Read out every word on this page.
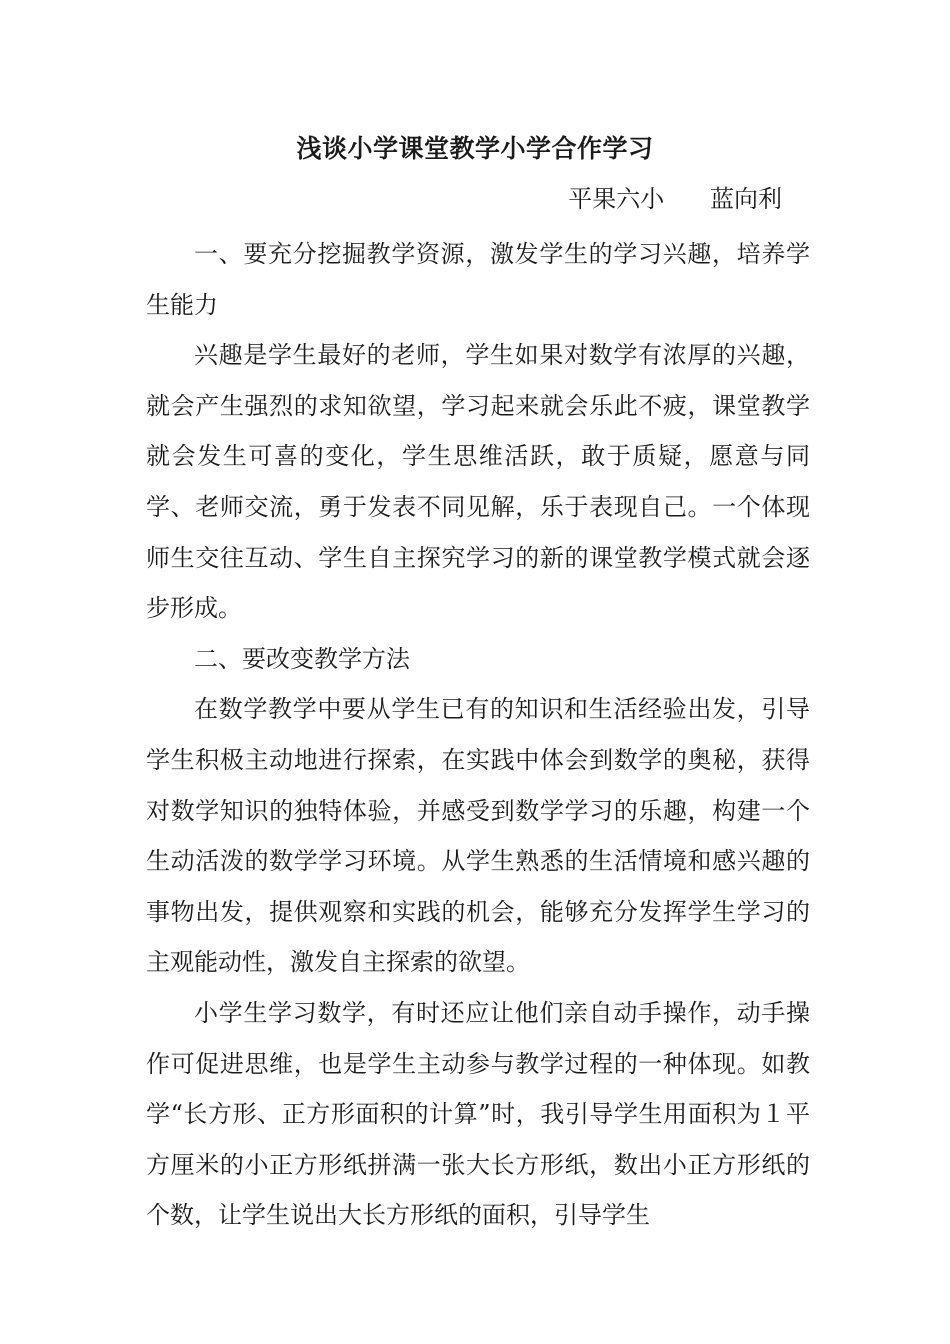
浅谈小学课堂教学小学合作学习
平果六小      蓝向利

一、要充分挖掘教学资源，激发学生的学习兴趣，培养学生能力

兴趣是学生最好的老师，学生如果对数学有浓厚的兴趣，就会产生强烈的求知欲望，学习起来就会乐此不疲，课堂教学就会发生可喜的变化，学生思维活跃，敢于质疑，愿意与同学、老师交流，勇于发表不同见解，乐于表现自己。一个体现师生交往互动、学生自主探究学习的新的课堂教学模式就会逐步形成。

二、要改变教学方法

在数学教学中要从学生已有的知识和生活经验出发，引导学生积极主动地进行探索，在实践中体会到数学的奥秘，获得对数学知识的独特体验，并感受到数学学习的乐趣，构建一个生动活泼的数学学习环境。从学生熟悉的生活情境和感兴趣的事物出发，提供观察和实践的机会，能够充分发挥学生学习的主观能动性，激发自主探索的欲望。

小学生学习数学，有时还应让他们亲自动手操作，动手操作可促进思维，也是学生主动参与教学过程的一种体现。如教学“长方形、正方形面积的计算”时，我引导学生用面积为１平方厘米的小正方形纸拼满一张大长方形纸，数出小正方形纸的个数，让学生说出大长方形纸的面积，引导学生
